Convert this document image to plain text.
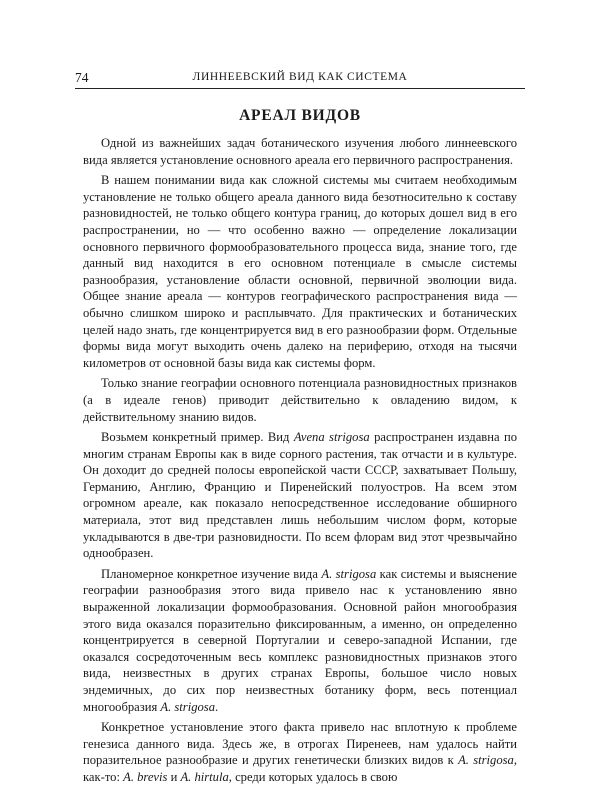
74	ЛИННЕЕВСКИЙ ВИД КАК СИСТЕМА
АРЕАЛ ВИДОВ

Одной из важнейших задач ботанического изучения любого линнеевского вида является установление основного ареала его первичного распространения.

В нашем понимании вида как сложной системы мы считаем необходимым установление не только общего ареала данного вида безотносительно к составу разновидностей, не только общего контура границ, до которых дошел вид в его распространении, но — что особенно важно — определение локализации основного первичного формообразовательного процесса вида, знание того, где данный вид находится в его основном потенциале в смысле системы разнообразия, установление области основной, первичной эволюции вида. Общее знание ареала — контуров географического распространения вида — обычно слишком широко и расплывчато. Для практических и ботанических целей надо знать, где концентрируется вид в его разнообразии форм. Отдельные формы вида могут выходить очень далеко на периферию, отходя на тысячи километров от основной базы вида как системы форм.

Только знание географии основного потенциала разновидностных признаков (а в идеале генов) приводит действительно к овладению видом, к действительному знанию видов.

Возьмем конкретный пример. Вид Avena strigosa распространен издавна по многим странам Европы как в виде сорного растения, так отчасти и в культуре. Он доходит до средней полосы европейской части СССР, захватывает Польшу, Германию, Англию, Францию и Пиренейский полуостров. На всем этом огромном ареале, как показало непосредственное исследование обширного материала, этот вид представлен лишь небольшим числом форм, которые укладываются в две-три разновидности. По всем флорам вид этот чрезвычайно однообразен.

Планомерное конкретное изучение вида A. strigosa как системы и выяснение географии разнообразия этого вида привело нас к установлению явно выраженной локализации формообразования. Основной район многообразия этого вида оказался поразительно фиксированным, а именно, он определенно концентрируется в северной Португалии и северо-западной Испании, где оказался сосредоточенным весь комплекс разновидностных признаков этого вида, неизвестных в других странах Европы, большое число новых эндемичных, до сих пор неизвестных ботанику форм, весь потенциал многообразия A. strigosa.

Конкретное установление этого факта привело нас вплотную к проблеме генезиса данного вида. Здесь же, в отрогах Пиренеев, нам удалось найти поразительное разнообразие и других генетически близких видов к A. strigosa, как-то: A. brevis и A. hirtula, среди которых удалось в свою
